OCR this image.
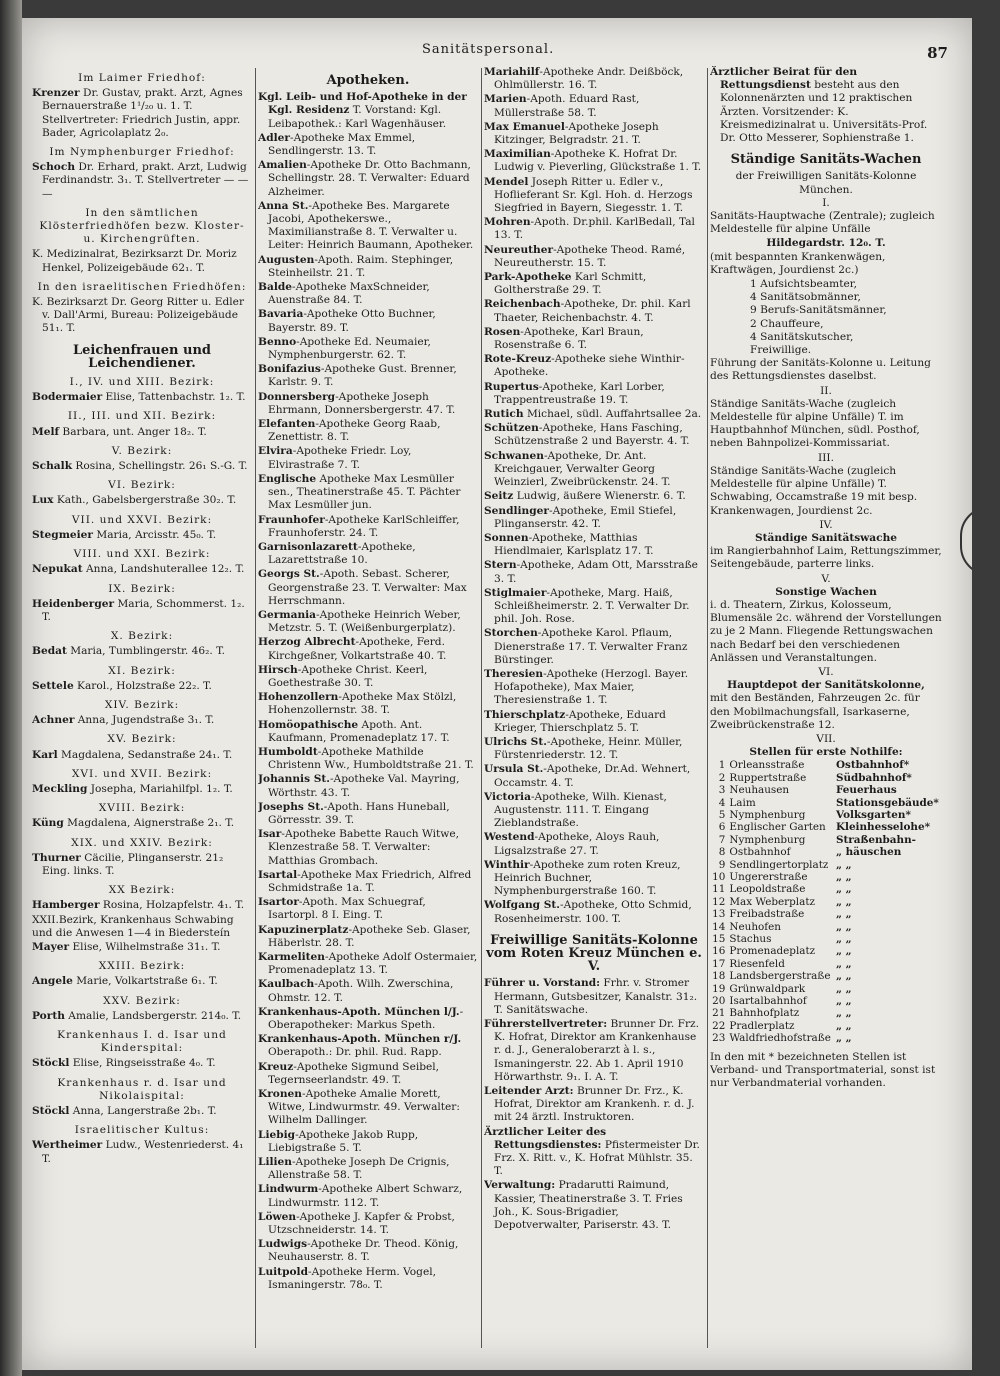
Sanitätspersonal.	87
Im Laimer Friedhof:
Krenzer Dr. Gustav, prakt. Arzt, Agnes Bernauerstraße 1¹/₂₀ u. 1. T. Stellvertreter: Friedrich Justin, appr. Bader, Agricolaplatz 2₀.
Im Nymphenburger Friedhof:
Schoch Dr. Erhard, prakt. Arzt, Ludwig Ferdinandstr. 3₁. T. Stellvertreter — — —
In den sämtlichen Klösterfriedhöfen bezw. Kloster- u. Kirchengrüften.
K. Medizinalrat, Bezirksarzt Dr. Moriz Henkel, Polizeigebäude 62₁. T.
In den israelitischen Friedhöfen:
K. Bezirksarzt Dr. Georg Ritter u. Edler v. Dall'Armi, Bureau: Polizeigebäude 51₁. T.
Leichenfrauen und Leichendiener.
I., IV. und XIII. Bezirk:
Bodermaier Elise, Tattenbachstr. 1₂. T.
II., III. und XII. Bezirk:
Melf Barbara, unt. Anger 18₂. T.
V. Bezirk:
Schalk Rosina, Schellingstr. 26₁ S.-G. T.
VI. Bezirk:
Lux Kath., Gabelsbergerstraße 30₂. T.
VII. und XXVI. Bezirk:
Stegmeier Maria, Arcisstr. 45₀. T.
VIII. und XXI. Bezirk:
Nepukat Anna, Landshuterallee 12₂. T.
IX. Bezirk:
Heidenberger Maria, Schommerst. 1₂. T.
X. Bezirk:
Bedat Maria, Tumblingerstr. 46₂. T.
XI. Bezirk:
Settele Karol., Holzstraße 22₂. T.
XIV. Bezirk:
Achner Anna, Jugendstraße 3₁. T.
XV. Bezirk:
Karl Magdalena, Sedanstraße 24₁. T.
XVI. und XVII. Bezirk:
Meckling Josepha, Mariahilfpl. 1₂. T.
XVIII. Bezirk:
Küng Magdalena, Aignerstraße 2₁. T.
XIX. und XXIV. Bezirk:
Thurner Cäcilie, Plinganserstr. 21₂ Eing. links. T.
XX Bezirk:
Hamberger Rosina, Holzapfelstr. 4₁. T.
XXII.Bezirk, Krankenhaus Schwabing und die Anwesen 1—4 in Biedersteín
Mayer Elise, Wilhelmstraße 31₁. T.
XXIII. Bezirk:
Angele Marie, Volkartstraße 6₁. T.
XXV. Bezirk:
Porth Amalie, Landsbergerstr. 214₀. T.
Krankenhaus I. d. Isar und Kinderspital:
Stöckl Elise, Ringseisstraße 4₀. T.
Krankenhaus r. d. Isar und Nikolaispital:
Stöckl Anna, Langerstraße 2b₁. T.
Israelitischer Kultus:
Wertheimer Ludw., Westenriederst. 4₁ T.
Apotheken.
Kgl. Leib- und Hof-Apotheke in der Kgl. Residenz T. Vorstand: Kgl. Leibapothek.: Karl Wagenhäuser.
Adler-Apotheke Max Emmel, Sendlingerstr. 13. T.
Amalien-Apotheke Dr. Otto Bachmann, Schellingstr. 28. T. Verwalter: Eduard Alzheimer.
Anna St.-Apotheke Bes. Margarete Jacobi, Apothekerswe., Maximilianstraße 8. T. Verwalter u. Leiter: Heinrich Baumann, Apotheker.
Augusten-Apoth. Raim. Stephinger, Steinheilstr. 21. T.
Balde-Apotheke MaxSchneider, Auenstraße 84. T.
Bavaria-Apotheke Otto Buchner, Bayerstr. 89. T.
Benno-Apotheke Ed. Neumaier, Nymphenburgerstr. 62. T.
Bonifazius-Apotheke Gust. Brenner, Karlstr. 9. T.
Donnersberg-Apotheke Joseph Ehrmann, Donnersbergerstr. 47. T.
Elefanten-Apotheke Georg Raab, Zenettistr. 8. T.
Elvira-Apotheke Friedr. Loy, Elvirastraße 7. T.
Englische Apotheke Max Lesmüller sen., Theatinerstraße 45. T. Pächter Max Lesmüller jun.
Fraunhofer-Apotheke KarlSchleiffer, Fraunhoferstr. 24. T.
Garnisonlazarett-Apotheke, Lazarettstraße 10.
Georgs St.-Apoth. Sebast. Scherer, Georgenstraße 23. T. Verwalter: Max Herrschmann.
Germania-Apotheke Heinrich Weber, Metzstr. 5. T. (Weißenburgerplatz).
Herzog Albrecht-Apotheke, Ferd. Kirchgeßner, Volkartstraße 40. T.
Hirsch-Apotheke Christ. Keerl, Goethestraße 30. T.
Hohenzollern-Apotheke Max Stölzl, Hohenzollernstr. 38. T.
Homöopathische Apoth. Ant. Kaufmann, Promenadeplatz 17. T.
Humboldt-Apotheke Mathilde Christenn Ww., Humboldtstraße 21. T.
Johannis St.-Apotheke Val. Mayring, Wörthstr. 43. T.
Josephs St.-Apoth. Hans Huneball, Görresstr. 39. T.
Isar-Apotheke Babette Rauch Witwe, Klenzestraße 58. T. Verwalter: Matthias Grombach.
Isartal-Apotheke Max Friedrich, Alfred Schmidstraße 1a. T.
Isartor-Apoth. Max Schuegraf, Isartorpl. 8 I. Eing. T.
Kapuzinerplatz-Apotheke Seb. Glaser, Häberlstr. 28. T.
Karmeliten-Apotheke Adolf Ostermaier, Promenadeplatz 13. T.
Kaulbach-Apoth. Wilh. Zwerschina, Ohmstr. 12. T.
Krankenhaus-Apoth. München l/J.-Oberapotheker: Markus Speth.
Krankenhaus-Apoth. München r/J. Oberapoth.: Dr. phil. Rud. Rapp.
Kreuz-Apotheke Sigmund Seibel, Tegernseerlandstr. 49. T.
Kronen-Apotheke Amalie Morett, Witwe, Lindwurmstr. 49. Verwalter: Wilhelm Dallinger.
Liebig-Apotheke Jakob Rupp, Liebigstraße 5. T.
Lilien-Apotheke Joseph De Crignis, Allenstraße 58. T.
Lindwurm-Apotheke Albert Schwarz, Lindwurmstr. 112. T.
Löwen-Apotheke J. Kapfer & Probst, Utzschneiderstr. 14. T.
Ludwigs-Apotheke Dr. Theod. König, Neuhauserstr. 8. T.
Luitpold-Apotheke Herm. Vogel, Ismaningerstr. 78₀. T.
Mariahilf-Apotheke Andr. Deißböck, Ohlmüllerstr. 16. T.
Marien-Apoth. Eduard Rast, Müllerstraße 58. T.
Max Emanuel-Apotheke Joseph Kitzinger, Belgradstr. 21. T.
Maximilian-Apotheke K. Hofrat Dr. Ludwig v. Pieverling, Glückstraße 1. T.
Mendel Joseph Ritter u. Edler v., Hoflieferant Sr. Kgl. Hoh. d. Herzogs Siegfried in Bayern, Siegesstr. 1. T.
Mohren-Apoth. Dr.phil. KarlBedall, Tal 13. T.
Neureuther-Apotheke Theod. Ramé, Neureutherstr. 15. T.
Park-Apotheke Karl Schmitt, Goltherstraße 29. T.
Reichenbach-Apotheke, Dr. phil. Karl Thaeter, Reichenbachstr. 4. T.
Rosen-Apotheke, Karl Braun, Rosenstraße 6. T.
Rote-Kreuz-Apotheke siehe Winthir-Apotheke.
Rupertus-Apotheke, Karl Lorber, Trappentreustraße 19. T.
Rutich Michael, südl. Auffahrtsallee 2a.
Schützen-Apotheke, Hans Fasching, Schützenstraße 2 und Bayerstr. 4. T.
Schwanen-Apotheke, Dr. Ant. Kreichgauer, Verwalter Georg Weinzierl, Zweibrückenstr. 24. T.
Seitz Ludwig, äußere Wienerstr. 6. T.
Sendlinger-Apotheke, Emil Stiefel, Plinganserstr. 42. T.
Sonnen-Apotheke, Matthias Hiendlmaier, Karlsplatz 17. T.
Stern-Apotheke, Adam Ott, Marsstraße 3. T.
Stiglmaier-Apotheke, Marg. Haiß, Schleißheimerstr. 2. T. Verwalter Dr. phil. Joh. Rose.
Storchen-Apotheke Karol. Pflaum, Dienerstraße 17. T. Verwalter Franz Bürstinger.
Theresien-Apotheke (Herzogl. Bayer. Hofapotheke), Max Maier, Theresienstraße 1. T.
Thierschplatz-Apotheke, Eduard Krieger, Thierschplatz 5. T.
Ulrichs St.-Apotheke, Heinr. Müller, Fürstenriederstr. 12. T.
Ursula St.-Apotheke, Dr.Ad. Wehnert, Occamstr. 4. T.
Victoria-Apotheke, Wilh. Kienast, Augustenstr. 111. T. Eingang Zieblandstraße.
Westend-Apotheke, Aloys Rauh, Ligsalzstraße 27. T.
Winthir-Apotheke zum roten Kreuz, Heinrich Buchner, Nymphenburgerstraße 160. T.
Wolfgang St.-Apotheke, Otto Schmid, Rosenheimerstr. 100. T.
Freiwillige Sanitäts-Kolonne vom Roten Kreuz München e. V.
Führer u. Vorstand: Frhr. v. Stromer Hermann, Gutsbesitzer, Kanalstr. 31₂. T. Sanitätswache.
Führerstellvertreter: Brunner Dr. Frz. K. Hofrat, Direktor am Krankenhause r. d. J., Generaloberarzt à l. s., Ismaningerstr. 22. Ab 1. April 1910 Hörwarthstr. 9₁. I. A. T.
Leitender Arzt: Brunner Dr. Frz., K. Hofrat, Direktor am Krankenh. r. d. J. mit 24 ärztl. Instruktoren.
Ärztlicher Leiter des Rettungsdienstes: Pfistermeister Dr. Frz. X. Ritt. v., K. Hofrat Mühlstr. 35. T.
Verwaltung: Pradarutti Raimund, Kassier, Theatinerstraße 3. T. Fries Joh., K. Sous-Brigadier, Depotverwalter, Pariserstr. 43. T.
Ärztlicher Beirat für den Rettungsdienst besteht aus den Kolonnenärzten und 12 praktischen Ärzten. Vorsitzender: K. Kreismedizinalrat u. Universitäts-Prof. Dr. Otto Messerer, Sophienstraße 1.
Ständige Sanitäts-Wachen
der Freiwilligen Sanitäts-Kolonne München.
I.
Sanitäts-Hauptwache (Zentrale); zugleich Meldestelle für alpine Unfälle
Hildegardstr. 12₀. T.
(mit bespannten Krankenwägen, Kraftwägen, Jourdienst 2c.)
1 Aufsichtsbeamter,
4 Sanitätsobmänner,
9 Berufs-Sanitätsmänner,
2 Chauffeure,
4 Sanitätskutscher,
Freiwillige.
Führung der Sanitäts-Kolonne u. Leitung des Rettungsdienstes daselbst.
II.
Ständige Sanitäts-Wache (zugleich Meldestelle für alpine Unfälle) T. im Hauptbahnhof München, südl. Posthof, neben Bahnpolizei-Kommissariat.
III.
Ständige Sanitäts-Wache (zugleich Meldestelle für alpine Unfälle) T. Schwabing, Occamstraße 19 mit besp. Krankenwagen, Jourdienst 2c.
IV.
Ständige Sanitätswache
im Rangierbahnhof Laim, Rettungszimmer, Seitengebäude, parterre links.
V.
Sonstige Wachen
i. d. Theatern, Zirkus, Kolosseum, Blumensäle 2c. während der Vorstellungen zu je 2 Mann. Fliegende Rettungswachen nach Bedarf bei den verschiedenen Anlässen und Veranstaltungen.
VI.
Hauptdepot der Sanitätskolonne,
mit den Beständen, Fahrzeugen 2c. für den Mobilmachungsfall, Isarkaserne, Zweibrückenstraße 12.
VII.
Stellen für erste Nothilfe:
1	Orleansstraße	Ostbahnhof*
2	Ruppertstraße	Südbahnhof*
3	Neuhausen	Feuerhaus
4	Laim	Stationsgebäude*
5	Nymphenburg	Volksgarten*
6	Englischer Garten	Kleinhesselohe*
7	Nymphenburg	Straßenbahn-
8	Ostbahnhof	„ häuschen
9	Sendlingertorplatz	„ „
10	Ungererstraße	„ „
11	Leopoldstraße	„ „
12	Max Weberplatz	„ „
13	Freibadstraße	„ „
14	Neuhofen	„ „
15	Stachus	„ „
16	Promenadeplatz	„ „
17	Riesenfeld	„ „
18	Landsbergerstraße	„ „
19	Grünwaldpark	„ „
20	Isartalbahnhof	„ „
21	Bahnhofplatz	„ „
22	Pradlerplatz	„ „
23	Waldfriedhofstraße	„ „
In den mit * bezeichneten Stellen ist Verband- und Transportmaterial, sonst ist nur Verbandmaterial vorhanden.
